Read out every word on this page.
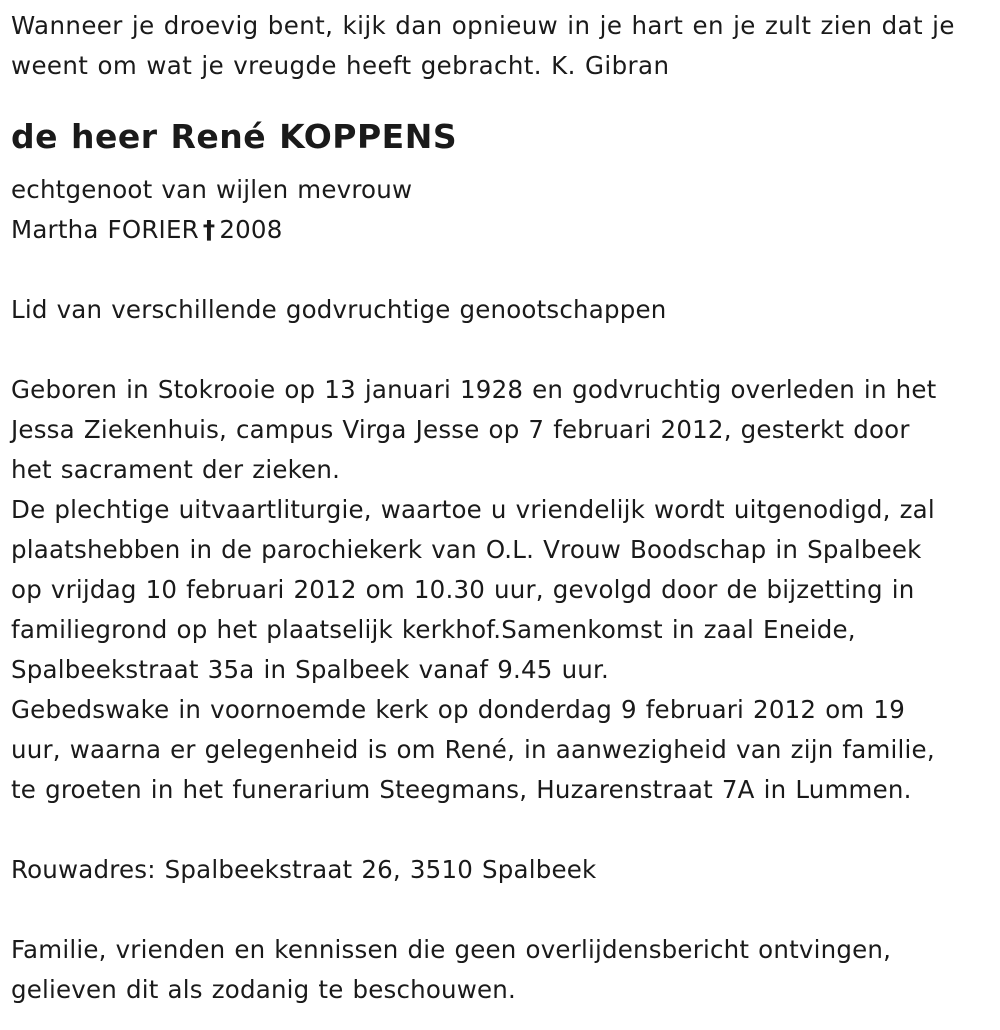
Wanneer je droevig bent, kijk dan opnieuw in je hart en je zult zien dat je
weent om wat je vreugde heeft gebracht. K. Gibran
de heer René KOPPENS
echtgenoot van wijlen mevrouw
Martha FORIER † 2008
Lid van verschillende godvruchtige genootschappen
Geboren in Stokrooie op 13 januari 1928 en godvruchtig overleden in het
Jessa Ziekenhuis, campus Virga Jesse op 7 februari 2012, gesterkt door
het sacrament der zieken.
De plechtige uitvaartliturgie, waartoe u vriendelijk wordt uitgenodigd, zal
plaatshebben in de parochiekerk van O.L. Vrouw Boodschap in Spalbeek
op vrijdag 10 februari 2012 om 10.30 uur, gevolgd door de bijzetting in
familiegrond op het plaatselijk kerkhof.Samenkomst in zaal Eneide,
Spalbeekstraat 35a in Spalbeek vanaf 9.45 uur.
Gebedswake in voornoemde kerk op donderdag 9 februari 2012 om 19
uur, waarna er gelegenheid is om René, in aanwezigheid van zijn familie,
te groeten in het funerarium Steegmans, Huzarenstraat 7A in Lummen.
Rouwadres: Spalbeekstraat 26, 3510 Spalbeek
Familie, vrienden en kennissen die geen overlijdensbericht ontvingen,
gelieven dit als zodanig te beschouwen.
